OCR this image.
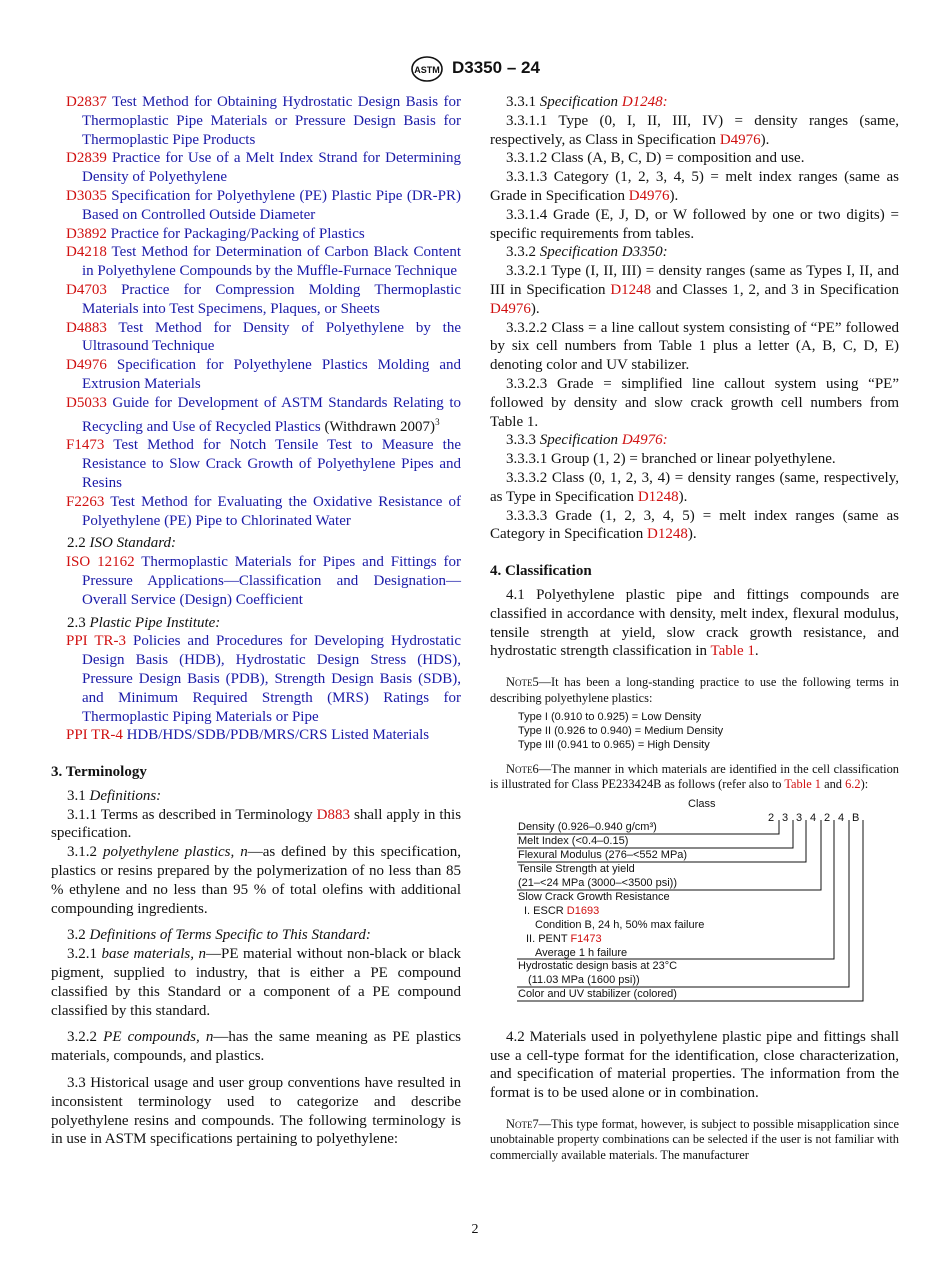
ASTM D3350 – 24
D2837 Test Method for Obtaining Hydrostatic Design Basis for Thermoplastic Pipe Materials or Pressure Design Basis for Thermoplastic Pipe Products
D2839 Practice for Use of a Melt Index Strand for Determining Density of Polyethylene
D3035 Specification for Polyethylene (PE) Plastic Pipe (DR-PR) Based on Controlled Outside Diameter
D3892 Practice for Packaging/Packing of Plastics
D4218 Test Method for Determination of Carbon Black Content in Polyethylene Compounds by the Muffle-Furnace Technique
D4703 Practice for Compression Molding Thermoplastic Materials into Test Specimens, Plaques, or Sheets
D4883 Test Method for Density of Polyethylene by the Ultrasound Technique
D4976 Specification for Polyethylene Plastics Molding and Extrusion Materials
D5033 Guide for Development of ASTM Standards Relating to Recycling and Use of Recycled Plastics (Withdrawn 2007)$^3$
F1473 Test Method for Notch Tensile Test to Measure the Resistance to Slow Crack Growth of Polyethylene Pipes and Resins
F2263 Test Method for Evaluating the Oxidative Resistance of Polyethylene (PE) Pipe to Chlorinated Water

2.2 ISO Standard:

ISO 12162 Thermoplastic Materials for Pipes and Fittings for Pressure Applications—Classification and Designation—Overall Service (Design) Coefficient

2.3 Plastic Pipe Institute:

PPI TR-3 Policies and Procedures for Developing Hydrostatic Design Basis (HDB), Hydrostatic Design Stress (HDS), Pressure Design Basis (PDB), Strength Design Basis (SDB), and Minimum Required Strength (MRS) Ratings for Thermoplastic Piping Materials or Pipe
PPI TR-4 HDB/HDS/SDB/PDB/MRS/CRS Listed Materials
3. Terminology

3.1 Definitions:

3.1.1 Terms as described in Terminology D883 shall apply in this specification.

3.1.2 polyethylene plastics, n—as defined by this specification, plastics or resins prepared by the polymerization of no less than 85 % ethylene and no less than 95 % of total olefins with additional compounding ingredients.

3.2 Definitions of Terms Specific to This Standard:

3.2.1 base materials, n—PE material without non-black or black pigment, supplied to industry, that is either a PE compound classified by this Standard or a component of a PE compound classified by this standard.

3.2.2 PE compounds, n—has the same meaning as PE plastics materials, compounds, and plastics.

3.3 Historical usage and user group conventions have resulted in inconsistent terminology used to categorize and describe polyethylene resins and compounds. The following terminology is in use in ASTM specifications pertaining to polyethylene:

3.3.1 Specification D1248:

3.3.1.1 Type (0, I, II, III, IV) = density ranges (same, respectively, as Class in Specification D4976).

3.3.1.2 Class (A, B, C, D) = composition and use.

3.3.1.3 Category (1, 2, 3, 4, 5) = melt index ranges (same as Grade in Specification D4976).

3.3.1.4 Grade (E, J, D, or W followed by one or two digits) = specific requirements from tables.

3.3.2 Specification D3350:

3.3.2.1 Type (I, II, III) = density ranges (same as Types I, II, and III in Specification D1248 and Classes 1, 2, and 3 in Specification D4976).

3.3.2.2 Class = a line callout system consisting of “PE” followed by six cell numbers from Table 1 plus a letter (A, B, C, D, E) denoting color and UV stabilizer.

3.3.2.3 Grade = simplified line callout system using “PE” followed by density and slow crack growth cell numbers from Table 1.

3.3.3 Specification D4976:

3.3.3.1 Group (1, 2) = branched or linear polyethylene.

3.3.3.2 Class (0, 1, 2, 3, 4) = density ranges (same, respectively, as Type in Specification D1248).

3.3.3.3 Grade (1, 2, 3, 4, 5) = melt index ranges (same as Category in Specification D1248).

4. Classification

4.1 Polyethylene plastic pipe and fittings compounds are classified in accordance with density, melt index, flexural modulus, tensile strength at yield, slow crack growth resistance, and hydrostatic strength classification in Table 1.

Note5—It has been a long-standing practice to use the following terms in describing polyethylene plastics:

Type I (0.910 to 0.925) = Low Density
Type II (0.926 to 0.940) = Medium Density
Type III (0.941 to 0.965) = High Density

Note6—The manner in which materials are identified in the cell classification is illustrated for Class PE233424B as follows (refer also to Table 1 and 6.2):

Class
2 3 3 4 2 4 B
Density (0.926–0.940 g/cm³)
Melt Index (<0.4–0.15)
Flexural Modulus (276–<552 MPa)
Tensile Strength at yield
(21–<24 MPa (3000–<3500 psi))
Slow Crack Growth Resistance
I. ESCR D1693
Condition B, 24 h, 50% max failure
II. PENT F1473
Average 1 h failure
Hydrostatic design basis at 23°C
(11.03 MPa (1600 psi))
Color and UV stabilizer (colored)

4.2 Materials used in polyethylene plastic pipe and fittings shall use a cell-type format for the identification, close characterization, and specification of material properties. The information from the format is to be used alone or in combination.

Note7—This type format, however, is subject to possible misapplication since unobtainable property combinations can be selected if the user is not familiar with commercially available materials. The manufacturer

2
